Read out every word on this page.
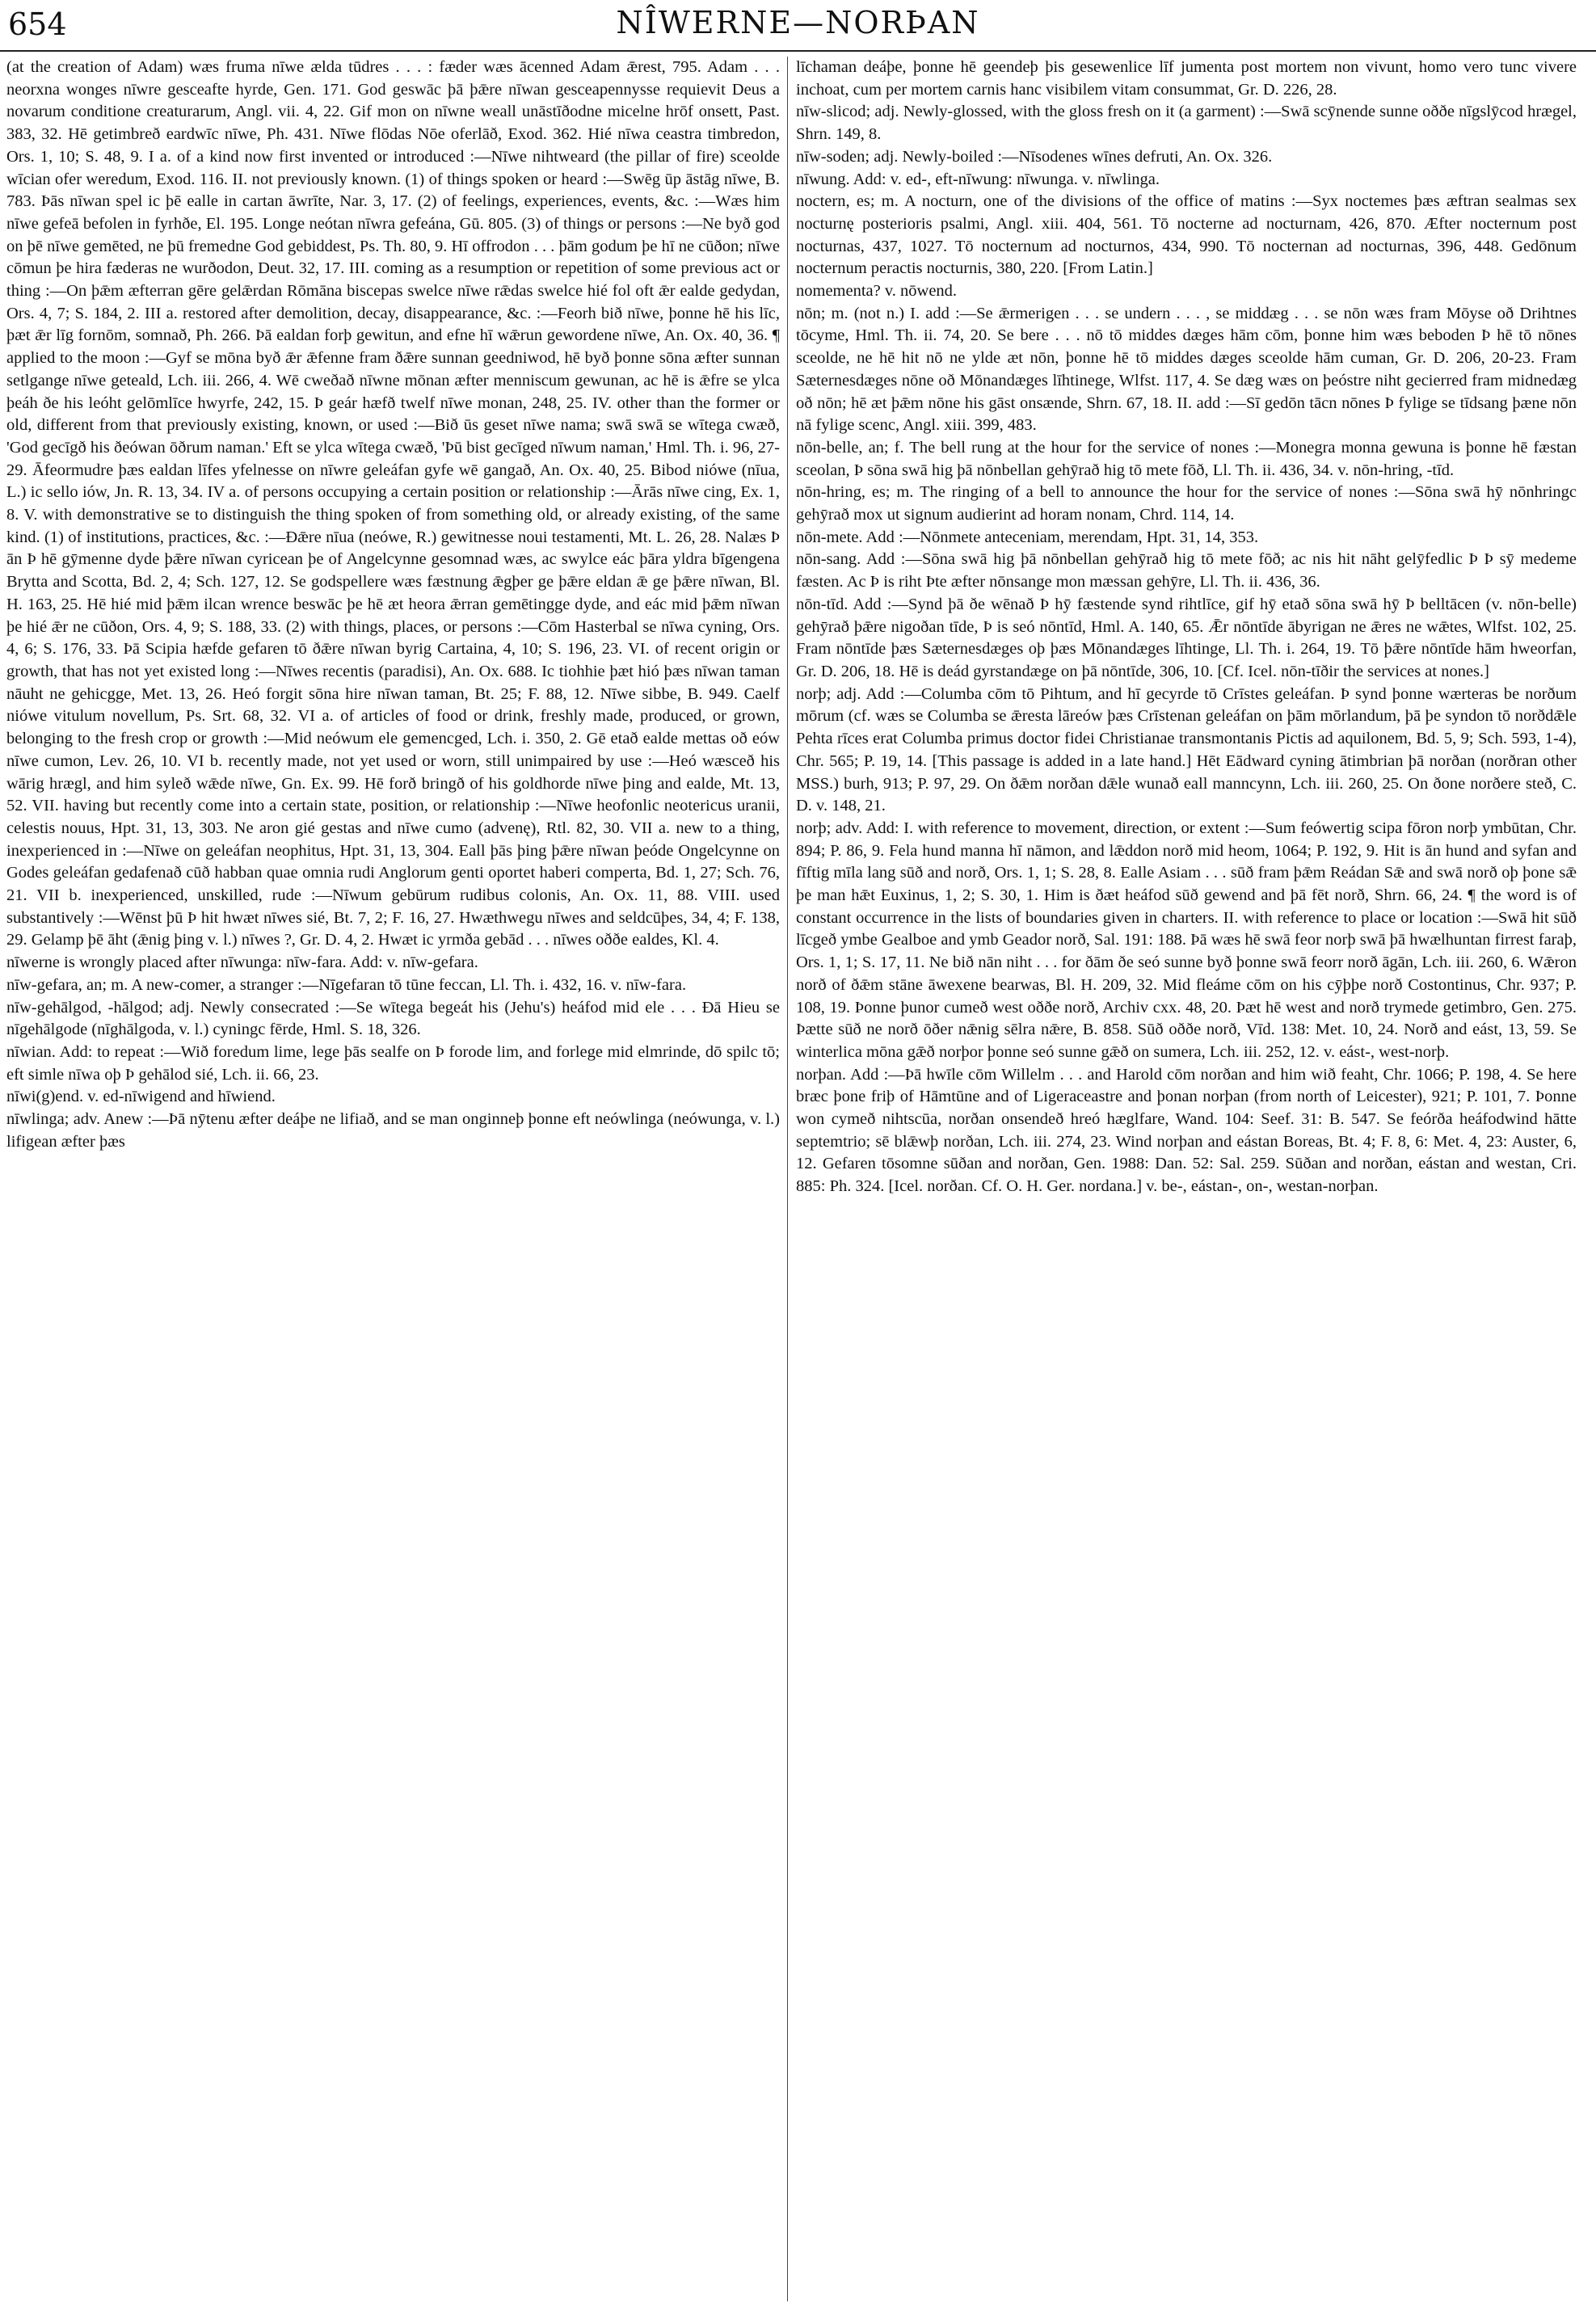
654	NÎWERNE—NORÞAN

(at the creation of Adam) wæs fruma nīwe ælda tūdres . . . : fæder wæs ācenned Adam ǣrest, 795. Adam . . . neorxna wonges nīwre gesceafte hyrde, Gen. 171. God geswāc þā þǣre nīwan gesceapennysse requievit Deus a novarum conditione creaturarum, Angl. vii. 4, 22. Gif mon on nīwne weall unāstīðodne micelne hrōf onsett, Past. 383, 32. Hē getimbreð eardwīc nīwe, Ph. 431. Nīwe flōdas Nōe oferlāð, Exod. 362. Hié nīwa ceastra timbredon, Ors. 1, 10; S. 48, 9. I a. of a kind now first invented or introduced :—Nīwe nihtweard (the pillar of fire) sceolde wīcian ofer weredum, Exod. 116. II. not previously known. (1) of things spoken or heard :—Swēg ūp āstāg nīwe, B. 783. Þās nīwan spel ic þē ealle in cartan āwrīte, Nar. 3, 17. (2) of feelings, experiences, events, &c. :—Wæs him nīwe gefeā befolen in fyrhðe, El. 195. Longe neótan nīwra gefeána, Gū. 805. (3) of things or persons :—Ne byð god on þē nīwe gemēted, ne þū fremedne God gebiddest, Ps. Th. 80, 9. Hī offrodon . . . þām godum þe hī ne cūðon; nīwe cōmun þe hira fæderas ne wurðodon, Deut. 32, 17. III. coming as a resumption or repetition of some previous act or thing :—On þǣm æfterran gēre gelǣrdan Rōmāna biscepas swelce nīwe rǣdas swelce hié fol oft ǣr ealde gedydan, Ors. 4, 7; S. 184, 2. III a. restored after demolition, decay, disappearance, &c. :—Feorh bið nīwe, þonne hē his līc, þæt ǣr līg fornōm, somnað, Ph. 266. Þā ealdan forþ gewitun, and efne hī wǣrun gewordene nīwe, An. Ox. 40, 36. ¶ applied to the moon :—Gyf se mōna byð ǣr ǣfenne fram ðǣre sunnan geedniwod, hē byð þonne sōna æfter sunnan setlgange nīwe geteald, Lch. iii. 266, 4. Wē cweðað nīwne mōnan æfter menniscum gewunan, ac hē is ǣfre se ylca þeáh ðe his leóht gelōmlīce hwyrfe, 242, 15. Þ geár hæfð twelf nīwe monan, 248, 25. IV. other than the former or old, different from that previously existing, known, or used :—Bið ūs geset nīwe nama; swā swā se wītega cwæð, 'God gecīgð his ðeówan ōðrum naman.' Eft se ylca wītega cwæð, 'Þū bist gecīged nīwum naman,' Hml. Th. i. 96, 27-29. Āfeormudre þæs ealdan līfes yfelnesse on nīwre geleáfan gyfe wē gangað, An. Ox. 40, 25. Bibod niówe (nīua, L.) ic sello iów, Jn. R. 13, 34. IV a. of persons occupying a certain position or relationship :—Ārās nīwe cing, Ex. 1, 8. V. with demonstrative se to distinguish the thing spoken of from something old, or already existing, of the same kind. (1) of institutions, practices, &c. :—Ðǣre nīua (neówe, R.) gewitnesse noui testamenti, Mt. L. 26, 28. Nalæs Þ ān Þ hē gȳmenne dyde þǣre nīwan cyricean þe of Angelcynne gesomnad wæs, ac swylce eác þāra yldra bīgengena Brytta and Scotta, Bd. 2, 4; Sch. 127, 12. Se godspellere wæs fæstnung ǣgþer ge þǣre eldan ǣ ge þǣre nīwan, Bl. H. 163, 25. Hē hié mid þǣm ilcan wrence beswāc þe hē æt heora ǣrran gemētingge dyde, and eác mid þǣm nīwan þe hié ǣr ne cūðon, Ors. 4, 9; S. 188, 33. (2) with things, places, or persons :—Cōm Hasterbal se nīwa cyning, Ors. 4, 6; S. 176, 33. Þā Scipia hæfde gefaren tō ðǣre nīwan byrig Cartaina, 4, 10; S. 196, 23. VI. of recent origin or growth, that has not yet existed long :—Nīwes recentis (paradisi), An. Ox. 688. Ic tiohhie þæt hió þæs nīwan taman nāuht ne gehicgge, Met. 13, 26. Heó forgit sōna hire nīwan taman, Bt. 25; F. 88, 12. Nīwe sibbe, B. 949. Caelf niówe vitulum novellum, Ps. Srt. 68, 32. VI a. of articles of food or drink, freshly made, produced, or grown, belonging to the fresh crop or growth :—Mid neówum ele gemencged, Lch. i. 350, 2. Gē etað ealde mettas oð eów nīwe cumon, Lev. 26, 10. VI b. recently made, not yet used or worn, still unimpaired by use :—Heó wæsceð his wārig hrægl, and him syleð wǣde nīwe, Gn. Ex. 99. Hē forð bringð of his goldhorde nīwe þing and ealde, Mt. 13, 52. VII. having but recently come into a certain state, position, or relationship :—Nīwe heofonlic neotericus uranii, celestis nouus, Hpt. 31, 13, 303. Ne aron gié gestas and nīwe cumo (advenę), Rtl. 82, 30. VII a. new to a thing, inexperienced in :—Nīwe on geleáfan neophitus, Hpt. 31, 13, 304. Eall þās þing þǣre nīwan þeóde Ongelcynne on Godes geleáfan gedafenað cūð habban quae omnia rudi Anglorum genti oportet haberi comperta, Bd. 1, 27; Sch. 76, 21. VII b. inexperienced, unskilled, rude :—Nīwum gebūrum rudibus colonis, An. Ox. 11, 88. VIII. used substantively :—Wēnst þū Þ hit hwæt nīwes sié, Bt. 7, 2; F. 16, 27. Hwæthwegu nīwes and seldcūþes, 34, 4; F. 138, 29. Gelamp þē āht (ǣnig þing v. l.) nīwes ?, Gr. D. 4, 2. Hwæt ic yrmða gebād . . . nīwes oððe ealdes, Kl. 4.

nīwerne is wrongly placed after nīwunga: nīw-fara. Add: v. nīw-gefara.

nīw-gefara, an; m. A new-comer, a stranger :—Nīgefaran tō tūne feccan, Ll. Th. i. 432, 16. v. nīw-fara.

nīw-gehālgod, -hālgod; adj. Newly consecrated :—Se wītega begeát his (Jehu's) heáfod mid ele . . . Ðā Hieu se nīgehālgode (nīghālgoda, v. l.) cyningc fērde, Hml. S. 18, 326.

nīwian. Add: to repeat :—Wið foredum lime, lege þās sealfe on Þ forode lim, and forlege mid elmrinde, dō spilc tō; eft simle nīwa oþ Þ gehālod sié, Lch. ii. 66, 23.

nīwi(g)end. v. ed-nīwigend and hīwiend.

nīwlinga; adv. Anew :—Þā nȳtenu æfter deáþe ne lifiað, and se man onginneþ þonne eft neówlinga (neówunga, v. l.) lifigean æfter þæs

līchaman deáþe, þonne hē geendeþ þis gesewenlice līf jumenta post mortem non vivunt, homo vero tunc vivere inchoat, cum per mortem carnis hanc visibilem vitam consummat, Gr. D. 226, 28.

nīw-slicod; adj. Newly-glossed, with the gloss fresh on it (a garment) :—Swā scȳnende sunne oððe nīgslȳcod hrægel, Shrn. 149, 8.

nīw-soden; adj. Newly-boiled :—Nīsodenes wīnes defruti, An. Ox. 326.

nīwung. Add: v. ed-, eft-nīwung: nīwunga. v. nīwlinga.

noctern, es; m. A nocturn, one of the divisions of the office of matins :—Syx noctemes þæs æftran sealmas sex nocturnę posterioris psalmi, Angl. xiii. 404, 561. Tō nocterne ad nocturnam, 426, 870. Æfter nocternum post nocturnas, 437, 1027. Tō nocternum ad nocturnos, 434, 990. Tō nocternan ad nocturnas, 396, 448. Gedōnum nocternum peractis nocturnis, 380, 220. [From Latin.]

nomementa? v. nōwend.

nōn; m. (not n.) I. add :—Se ǣrmerigen . . . se undern . . . , se middæg . . . se nōn wæs fram Mōyse oð Drihtnes tōcyme, Hml. Th. ii. 74, 20. Se bere . . . nō tō middes dæges hām cōm, þonne him wæs beboden Þ hē tō nōnes sceolde, ne hē hit nō ne ylde æt nōn, þonne hē tō middes dæges sceolde hām cuman, Gr. D. 206, 20-23. Fram Sæternesdæges nōne oð Mōnandæges līhtinege, Wlfst. 117, 4. Se dæg wæs on þeóstre niht gecierred fram midnedæg oð nōn; hē æt þǣm nōne his gāst onsænde, Shrn. 67, 18. II. add :—Sī gedōn tācn nōnes Þ fylige se tīdsang þæne nōn nā fylige scenc, Angl. xiii. 399, 483.

nōn-belle, an; f. The bell rung at the hour for the service of nones :—Monegra monna gewuna is þonne hē fæstan sceolan, Þ sōna swā hig þā nōnbellan gehȳrað hig tō mete fōð, Ll. Th. ii. 436, 34. v. nōn-hring, -tīd.

nōn-hring, es; m. The ringing of a bell to announce the hour for the service of nones :—Sōna swā hȳ nōnhringc gehȳrað mox ut signum audierint ad horam nonam, Chrd. 114, 14.

nōn-mete. Add :—Nōnmete anteceniam, merendam, Hpt. 31, 14, 353.

nōn-sang. Add :—Sōna swā hig þā nōnbellan gehȳrað hig tō mete fōð; ac nis hit nāht gelȳfedlic Þ Þ sȳ medeme fæsten. Ac Þ is riht Þte æfter nōnsange mon mæssan gehȳre, Ll. Th. ii. 436, 36.

nōn-tīd. Add :—Synd þā ðe wēnað Þ hȳ fæstende synd rihtlīce, gif hȳ etað sōna swā hȳ Þ belltācen (v. nōn-belle) gehȳrað þǣre nigoðan tīde, Þ is seó nōntīd, Hml. A. 140, 65. Ǣr nōntīde ābyrigan ne ǣres ne wǣtes, Wlfst. 102, 25. Fram nōntīde þæs Sæternesdæges oþ þæs Mōnandæges līhtinge, Ll. Th. i. 264, 19. Tō þǣre nōntīde hām hweorfan, Gr. D. 206, 18. Hē is deád gyrstandæge on þā nōntīde, 306, 10. [Cf. Icel. nōn-tīðir the services at nones.]

norþ; adj. Add :—Columba cōm tō Pihtum, and hī gecyrde tō Crīstes geleáfan. Þ synd þonne wærteras be norðum mōrum (cf. wæs se Columba se ǣresta lāreów þæs Crīstenan geleáfan on þām mōrlandum, þā þe syndon tō norðdǣle Pehta rīces erat Columba primus doctor fidei Christianae transmontanis Pictis ad aquilonem, Bd. 5, 9; Sch. 593, 1-4), Chr. 565; P. 19, 14. [This passage is added in a late hand.] Hēt Eādward cyning ātimbrian þā norðan (norðran other MSS.) burh, 913; P. 97, 29. On ðǣm norðan dǣle wunað eall manncynn, Lch. iii. 260, 25. On ðone norðere steð, C. D. v. 148, 21.

norþ; adv. Add: I. with reference to movement, direction, or extent :—Sum feówertig scipa fōron norþ ymbūtan, Chr. 894; P. 86, 9. Fela hund manna hī nāmon, and lǣddon norð mid heom, 1064; P. 192, 9. Hit is ān hund and syfan and fīftig mīla lang sūð and norð, Ors. 1, 1; S. 28, 8. Ealle Asiam . . . sūð fram þǣm Reádan Sǣ and swā norð oþ þone sǣ þe man hǣt Euxinus, 1, 2; S. 30, 1. Him is ðæt heáfod sūð gewend and þā fēt norð, Shrn. 66, 24. ¶ the word is of constant occurrence in the lists of boundaries given in charters. II. with reference to place or location :—Swā hit sūð līcgeð ymbe Gealboe and ymb Geador norð, Sal. 191: 188. Þā wæs hē swā feor norþ swā þā hwælhuntan firrest faraþ, Ors. 1, 1; S. 17, 11. Ne bið nān niht . . . for ðām ðe seó sunne byð þonne swā feorr norð āgān, Lch. iii. 260, 6. Wǣron norð of ðǣm stāne āwexene bearwas, Bl. H. 209, 32. Mid fleáme cōm on his cȳþþe norð Costontinus, Chr. 937; P. 108, 19. Þonne þunor cumeð west oððe norð, Archiv cxx. 48, 20. Þæt hē west and norð trymede getimbro, Gen. 275. Þætte sūð ne norð ōðer nǣnig sēlra nǣre, B. 858. Sūð oððe norð, Vīd. 138: Met. 10, 24. Norð and eást, 13, 59. Se winterlica mōna gǣð norþor þonne seó sunne gǣð on sumera, Lch. iii. 252, 12. v. eást-, west-norþ.

norþan. Add :—Þā hwīle cōm Willelm . . . and Harold cōm norðan and him wið feaht, Chr. 1066; P. 198, 4. Se here bræc þone friþ of Hāmtūne and of Ligeraceastre and þonan norþan (from north of Leicester), 921; P. 101, 7. Þonne won cymeð nihtscūa, norðan onsendeð hreó hæglfare, Wand. 104: Seef. 31: B. 547. Se feórða heáfodwind hātte septemtrio; sē blǣwþ norðan, Lch. iii. 274, 23. Wind norþan and eástan Boreas, Bt. 4; F. 8, 6: Met. 4, 23: Auster, 6, 12. Gefaren tōsomne sūðan and norðan, Gen. 1988: Dan. 52: Sal. 259. Sūðan and norðan, eástan and westan, Cri. 885: Ph. 324. [Icel. norðan. Cf. O. H. Ger. nordana.] v. be-, eástan-, on-, westan-norþan.
